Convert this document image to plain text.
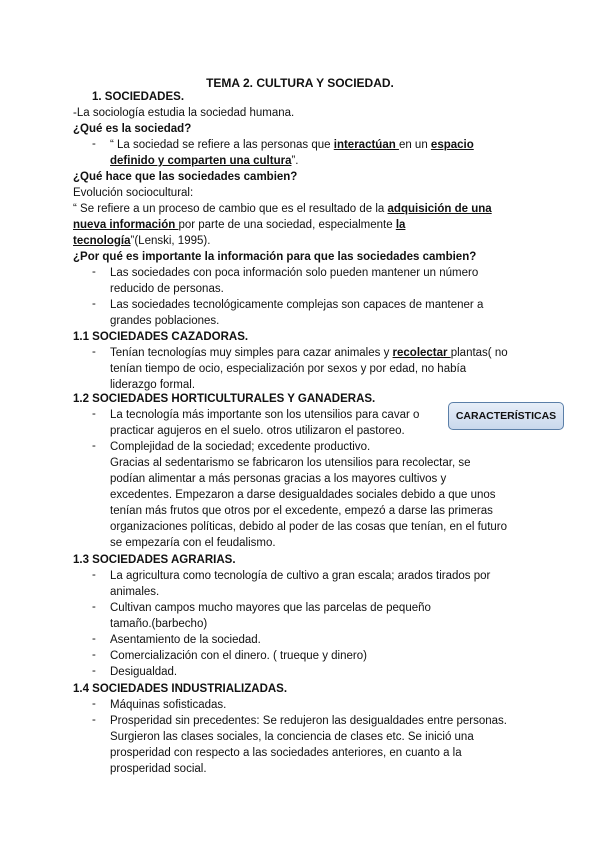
TEMA 2. CULTURA Y SOCIEDAD.
1. SOCIEDADES.
-La sociología estudia la sociedad humana.
¿Qué es la sociedad?
- “ La sociedad se refiere a las personas que interactúan en un espacio
definido y comparten una cultura”.
¿Qué hace que las sociedades cambien?
Evolución sociocultural:
“ Se refiere a un proceso de cambio que es el resultado de la adquisición de una
nueva información por parte de una sociedad, especialmente la
tecnología”(Lenski, 1995).
¿Por qué es importante la información para que las sociedades cambien?
- Las sociedades con poca información solo pueden mantener un número
reducido de personas.
- Las sociedades tecnológicamente complejas son capaces de mantener a
grandes poblaciones.
1.1 SOCIEDADES CAZADORAS.
- Tenían tecnologías muy simples para cazar animales y recolectar plantas( no
tenían tiempo de ocio, especialización por sexos y por edad, no había
liderazgo formal.
1.2 SOCIEDADES HORTICULTURALES Y GANADERAS.
CARACTERÍSTICAS
- La tecnología más importante son los utensilios para cavar o
practicar agujeros en el suelo. otros utilizaron el pastoreo.
- Complejidad de la sociedad; excedente productivo.
Gracias al sedentarismo se fabricaron los utensilios para recolectar, se
podían alimentar a más personas gracias a los mayores cultivos y
excedentes. Empezaron a darse desigualdades sociales debido a que unos
tenían más frutos que otros por el excedente, empezó a darse las primeras
organizaciones políticas, debido al poder de las cosas que tenían, en el futuro
se empezaría con el feudalismo.
1.3 SOCIEDADES AGRARIAS.
- La agricultura como tecnología de cultivo a gran escala; arados tirados por
animales.
- Cultivan campos mucho mayores que las parcelas de pequeño
tamaño.(barbecho)
- Asentamiento de la sociedad.
- Comercialización con el dinero. ( trueque y dinero)
- Desigualdad.
1.4 SOCIEDADES INDUSTRIALIZADAS.
- Máquinas sofisticadas.
- Prosperidad sin precedentes: Se redujeron las desigualdades entre personas.
Surgieron las clases sociales, la conciencia de clases etc. Se inició una
prosperidad con respecto a las sociedades anteriores, en cuanto a la
prosperidad social.
